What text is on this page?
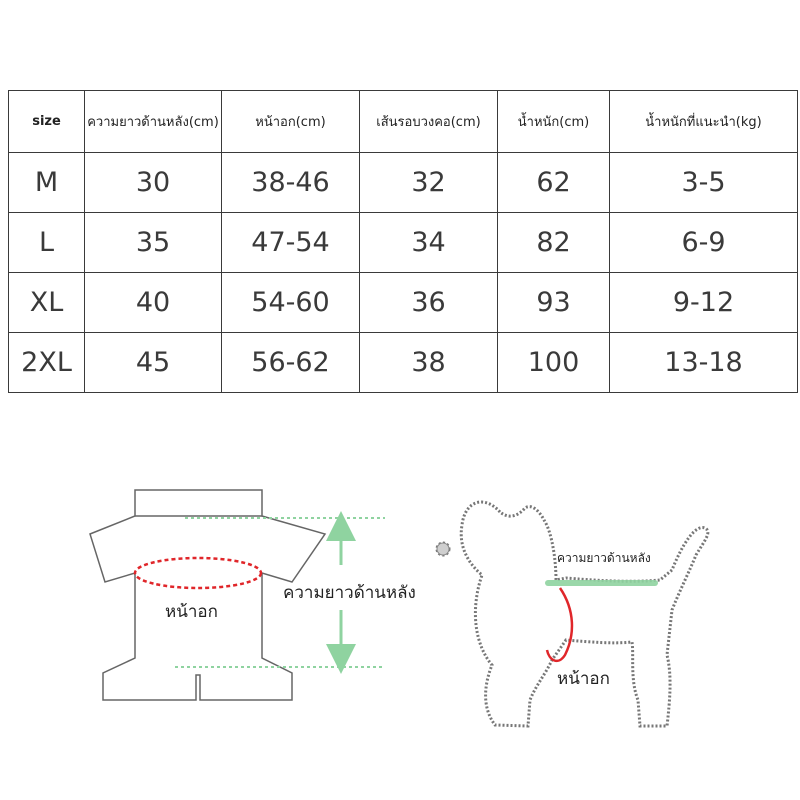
size	ความยาวด้านหลัง(cm)	หน้าอก(cm)	เส้นรอบวงคอ(cm)	น้ำหนัก(cm)	น้ำหนักที่แนะนำ(kg)
M	30	38-46	32	62	3-5
L	35	47-54	34	82	6-9
XL	40	54-60	36	93	9-12
2XL	45	56-62	38	100	13-18
หน้าอก
ความยาวด้านหลัง
ความยาวด้านหลัง
หน้าอก
